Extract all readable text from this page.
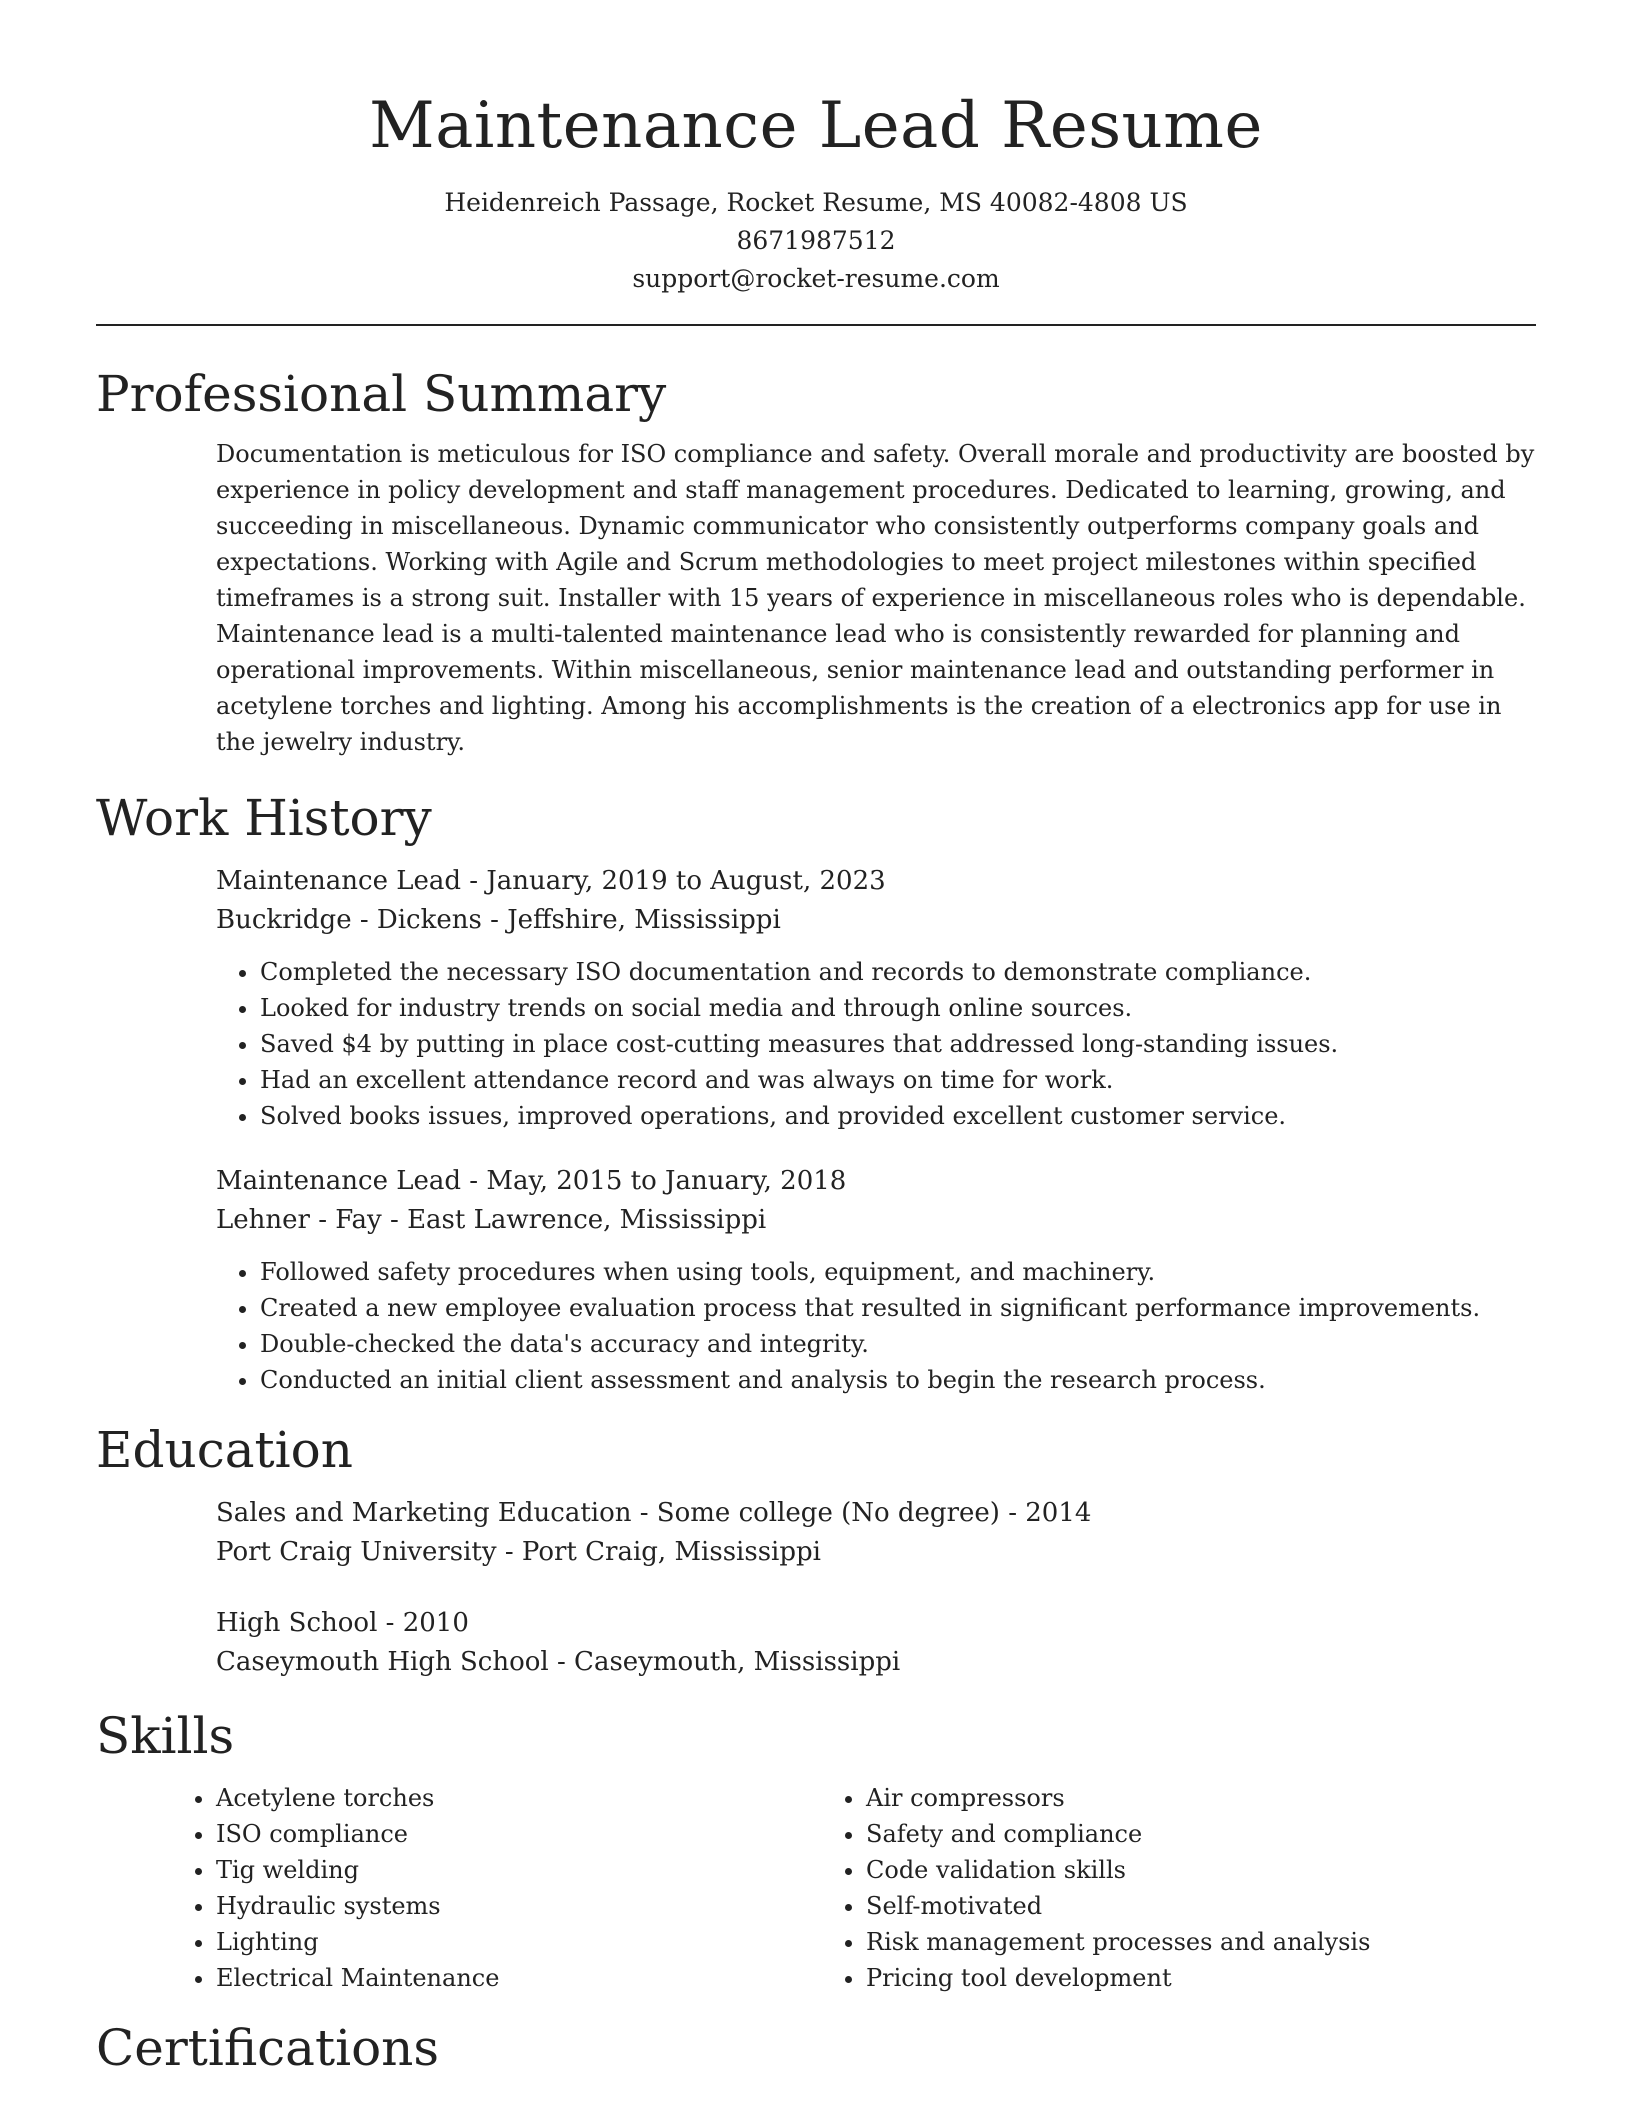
Maintenance Lead Resume
Heidenreich Passage, Rocket Resume, MS 40082-4808 US
8671987512
support@rocket-resume.com
Professional Summary
Documentation is meticulous for ISO compliance and safety. Overall morale and productivity are boosted by experience in policy development and staff management procedures. Dedicated to learning, growing, and succeeding in miscellaneous. Dynamic communicator who consistently outperforms company goals and expectations. Working with Agile and Scrum methodologies to meet project milestones within specified timeframes is a strong suit. Installer with 15 years of experience in miscellaneous roles who is dependable. Maintenance lead is a multi-talented maintenance lead who is consistently rewarded for planning and operational improvements. Within miscellaneous, senior maintenance lead and outstanding performer in acetylene torches and lighting. Among his accomplishments is the creation of a electronics app for use in the jewelry industry.
Work History
Maintenance Lead - January, 2019 to August, 2023
Buckridge - Dickens - Jeffshire, Mississippi
• Completed the necessary ISO documentation and records to demonstrate compliance.
• Looked for industry trends on social media and through online sources.
• Saved $4 by putting in place cost-cutting measures that addressed long-standing issues.
• Had an excellent attendance record and was always on time for work.
• Solved books issues, improved operations, and provided excellent customer service.
Maintenance Lead - May, 2015 to January, 2018
Lehner - Fay - East Lawrence, Mississippi
• Followed safety procedures when using tools, equipment, and machinery.
• Created a new employee evaluation process that resulted in significant performance improvements.
• Double-checked the data's accuracy and integrity.
• Conducted an initial client assessment and analysis to begin the research process.
Education
Sales and Marketing Education - Some college (No degree) - 2014
Port Craig University - Port Craig, Mississippi
High School - 2010
Caseymouth High School - Caseymouth, Mississippi
Skills
• Acetylene torches
• ISO compliance
• Tig welding
• Hydraulic systems
• Lighting
• Electrical Maintenance
• Air compressors
• Safety and compliance
• Code validation skills
• Self-motivated
• Risk management processes and analysis
• Pricing tool development
Certifications
